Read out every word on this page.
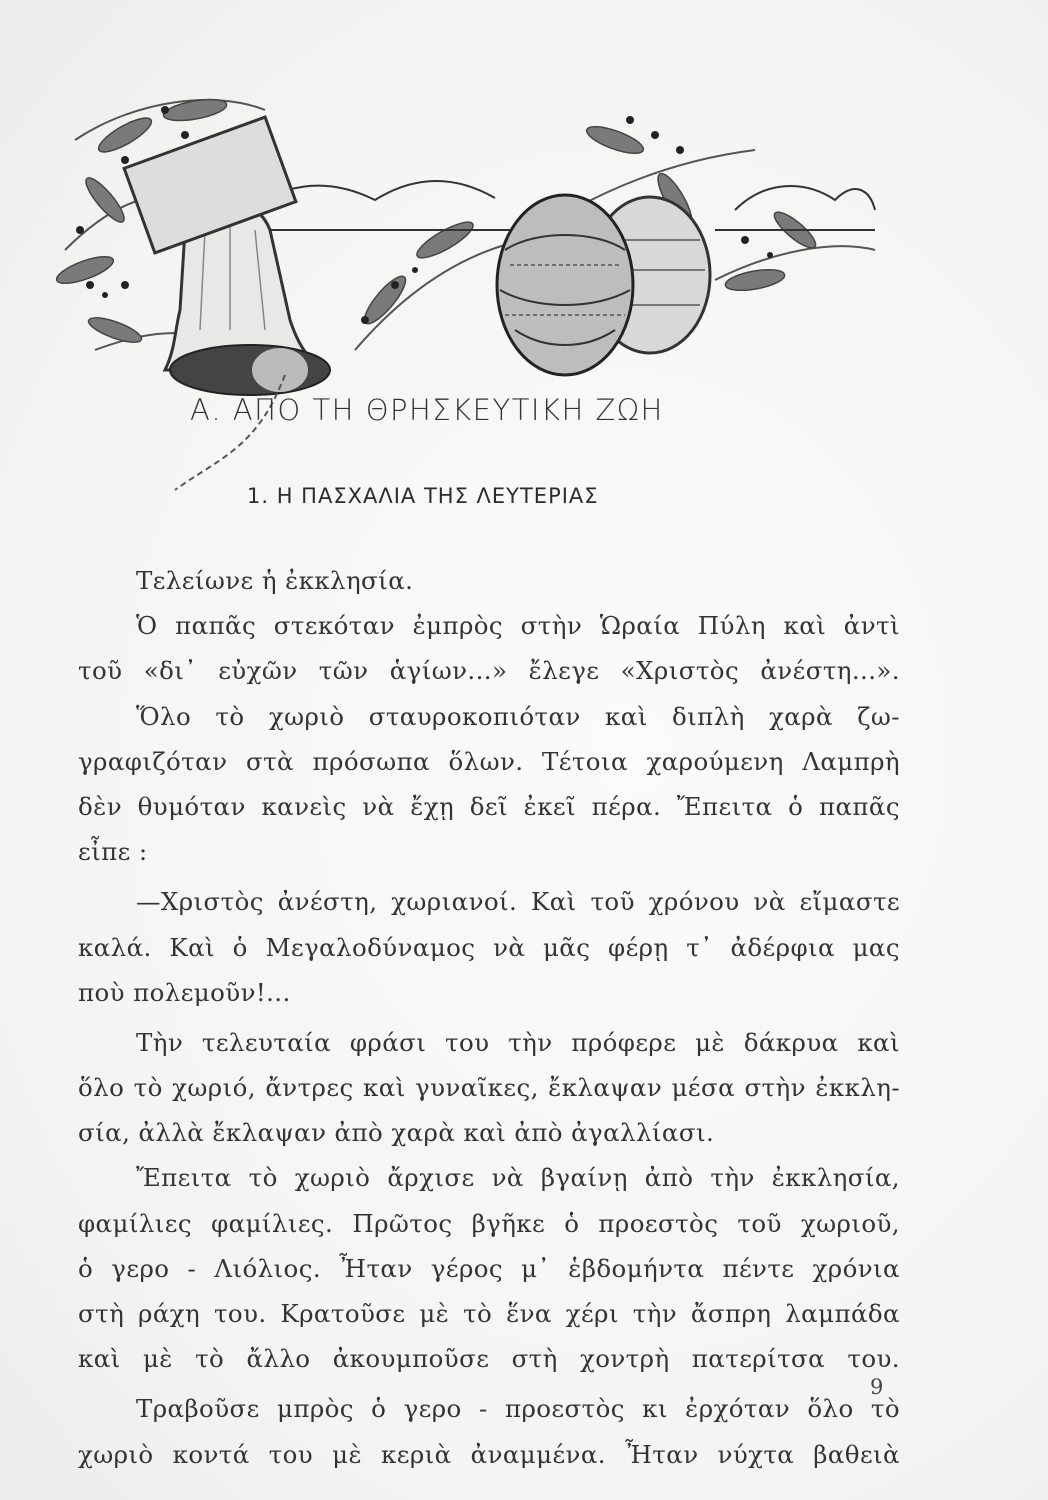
Α. ΑΠΟ ΤΗ ΘΡΗΣΚΕΥΤΙΚΗ ΖΩΗ
1. Η ΠΑΣΧΑΛΙΑ ΤΗΣ ΛΕΥΤΕΡΙΑΣ
Τελείωνε ἡ ἐκκλησία.
Ὁ παπᾶς στεκόταν ἐμπρὸς στὴν Ὡραία Πύλη καὶ ἀντὶ
τοῦ «δι᾿ εὐχῶν τῶν ἁγίων...» ἔλεγε «Χριστὸς ἀνέστη...».
Ὅλο τὸ χωριὸ σταυροκοπιόταν καὶ διπλὴ χαρὰ ζω-
γραφιζόταν στὰ πρόσωπα ὅλων. Τέτοια χαρούμενη Λαμπρὴ
δὲν θυμόταν κανεὶς νὰ ἔχῃ δεῖ ἐκεῖ πέρα. Ἔπειτα ὁ παπᾶς
εἶπε :
—Χριστὸς ἀνέστη, χωριανοί. Καὶ τοῦ χρόνου νὰ εἴμαστε
καλά. Καὶ ὁ Μεγαλοδύναμος νὰ μᾶς φέρῃ τ᾿ ἀδέρφια μας
ποὺ πολεμοῦν!...
Τὴν τελευταία φράσι του τὴν πρόφερε μὲ δάκρυα καὶ
ὅλο τὸ χωριό, ἄντρες καὶ γυναῖκες, ἔκλαψαν μέσα στὴν ἐκκλη-
σία, ἀλλὰ ἔκλαψαν ἀπὸ χαρὰ καὶ ἀπὸ ἀγαλλίασι.
Ἔπειτα τὸ χωριὸ ἄρχισε νὰ βγαίνῃ ἀπὸ τὴν ἐκκλησία,
φαμίλιες φαμίλιες. Πρῶτος βγῆκε ὁ προεστὸς τοῦ χωριοῦ,
ὁ γερο - Λιόλιος. Ἦταν γέρος μ᾿ ἑβδομήντα πέντε χρόνια
στὴ ράχη του. Κρατοῦσε μὲ τὸ ἕνα χέρι τὴν ἄσπρη λαμπάδα
καὶ μὲ τὸ ἄλλο ἀκουμποῦσε στὴ χοντρὴ πατερίτσα του.
Τραβοῦσε μπρὸς ὁ γερο - προεστὸς κι ἐρχόταν ὅλο τὸ
χωριὸ κοντά του μὲ κεριὰ ἀναμμένα. Ἦταν νύχτα βαθειὰ
9
